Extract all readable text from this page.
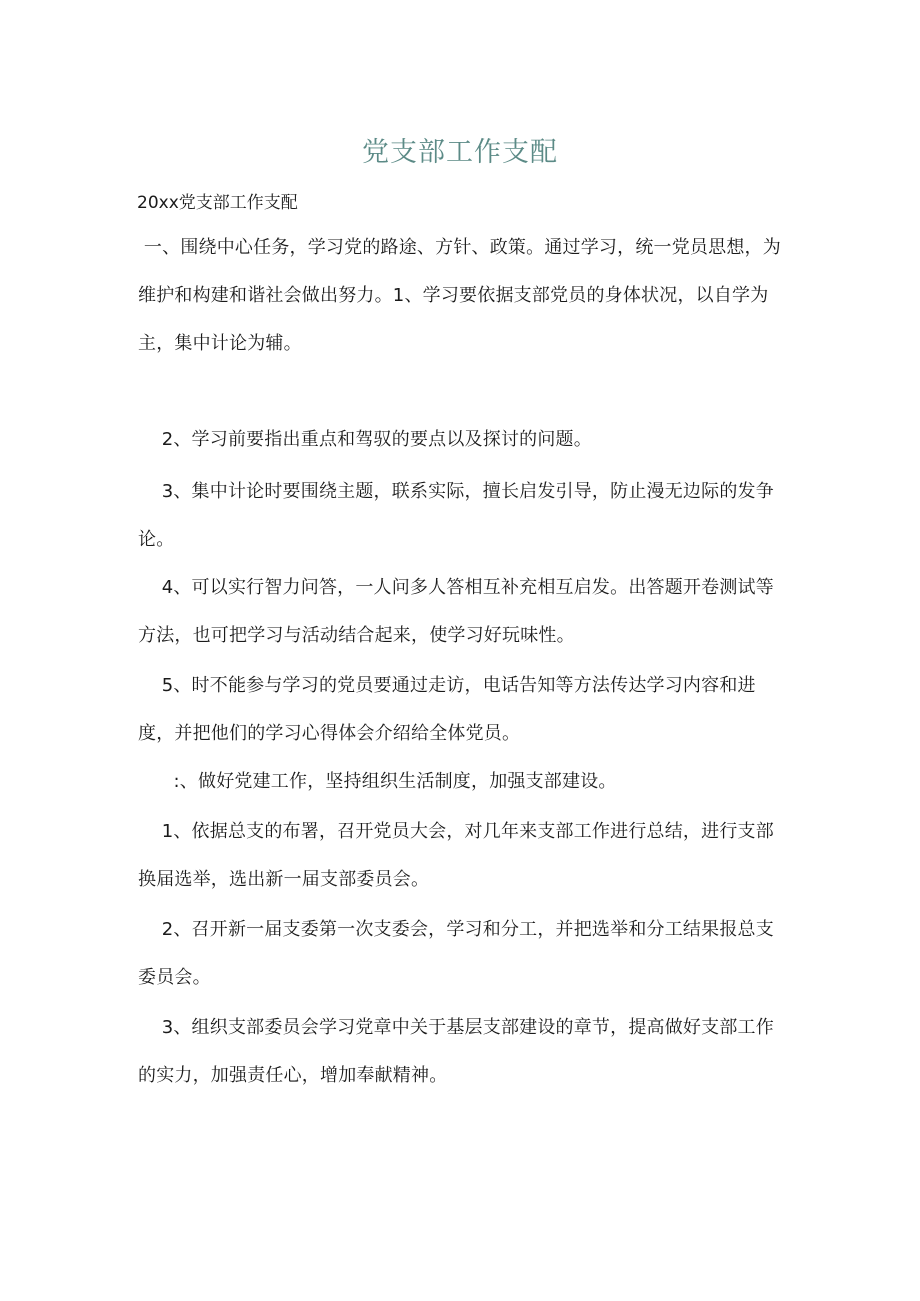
党支部工作支配
20xx党支部工作支配

一、围绕中心任务，学习党的路途、方针、政策。通过学习，统一党员思想，为维护和构建和谐社会做出努力。1、学习要依据支部党员的身体状况，以自学为主，集中计论为辅。

2、学习前要指出重点和驾驭的要点以及探讨的问题。

3、集中计论时要围绕主题，联系实际，擅长启发引导，防止漫无边际的发争论。

4、可以实行智力问答，一人问多人答相互补充相互启发。出答题开卷测试等方法，也可把学习与活动结合起来，使学习好玩味性。

5、时不能参与学习的党员要通过走访，电话告知等方法传达学习内容和进度，并把他们的学习心得体会介绍给全体党员。

:、做好党建工作，坚持组织生活制度，加强支部建设。

1、依据总支的布署，召开党员大会，对几年来支部工作进行总结，进行支部换届选举，选出新一届支部委员会。

2、召开新一届支委第一次支委会，学习和分工，并把选举和分工结果报总支委员会。

3、组织支部委员会学习党章中关于基层支部建设的章节，提高做好支部工作的实力，加强责任心，增加奉献精神。
